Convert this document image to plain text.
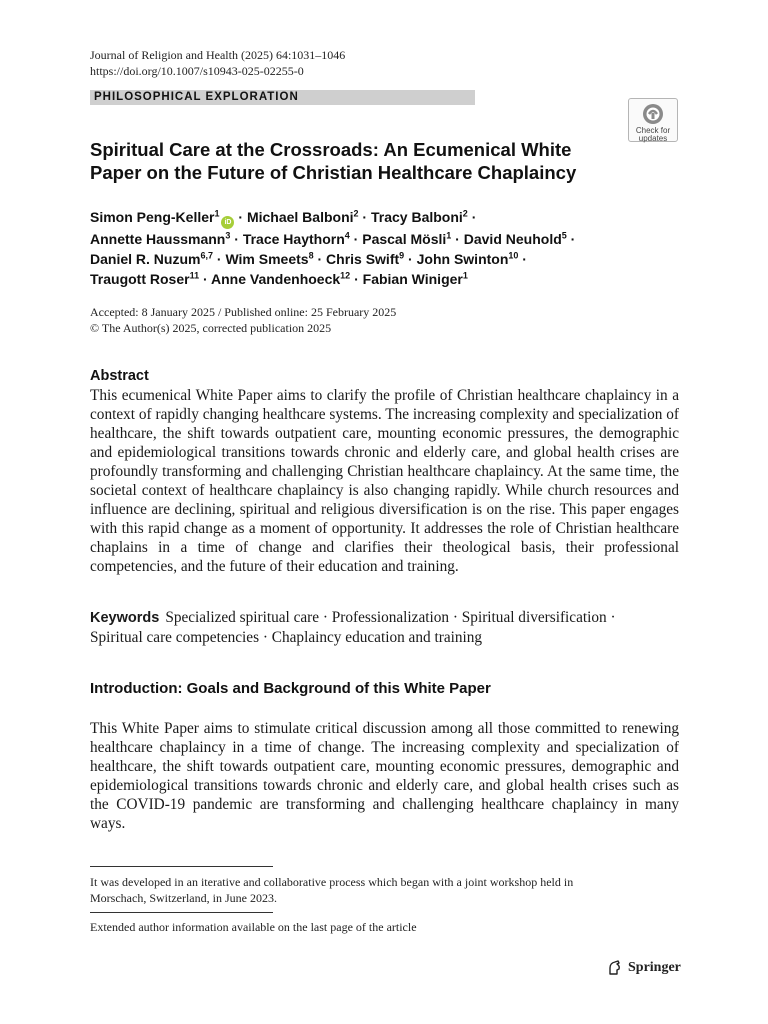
Journal of Religion and Health (2025) 64:1031–1046
https://doi.org/10.1007/s10943-025-02255-0
PHILOSOPHICAL EXPLORATION
Check for
updates
Spiritual Care at the Crossroads: An Ecumenical White
Paper on the Future of Christian Healthcare Chaplaincy
Simon Peng-Keller$^1$iD · Michael Balboni$^2$ · Tracy Balboni$^2$ ·
Annette Haussmann$^3$ · Trace Haythorn$^4$ · Pascal Mösli$^1$ · David Neuhold$^5$ ·
Daniel R. Nuzum$^{6,7}$ · Wim Smeets$^8$ · Chris Swift$^9$ · John Swinton$^{10}$ ·
Traugott Roser$^{11}$ · Anne Vandenhoeck$^{12}$ · Fabian Winiger$^1$
Accepted: 8 January 2025 / Published online: 25 February 2025
© The Author(s) 2025, corrected publication 2025
Abstract
This ecumenical White Paper aims to clarify the profile of Christian healthcare chaplaincy in a context of rapidly changing healthcare systems. The increasing complexity and specialization of healthcare, the shift towards outpatient care, mounting economic pressures, the demographic and epidemiological transitions towards chronic and elderly care, and global health crises are profoundly transforming and challenging Christian healthcare chaplaincy. At the same time, the societal context of healthcare chaplaincy is also changing rapidly. While church resources and influence are declining, spiritual and religious diversification is on the rise. This paper engages with this rapid change as a moment of opportunity. It addresses the role of Christian healthcare chaplains in a time of change and clarifies their theological basis, their professional competencies, and the future of their education and training.
Keywords Specialized spiritual care · Professionalization · Spiritual diversification ·
Spiritual care competencies · Chaplaincy education and training
Introduction: Goals and Background of this White Paper
This White Paper aims to stimulate critical discussion among all those committed to renewing healthcare chaplaincy in a time of change. The increasing complexity and specialization of healthcare, the shift towards outpatient care, mounting economic pressures, demographic and epidemiological transitions towards chronic and elderly care, and global health crises such as the COVID-19 pandemic are transforming and challenging healthcare chaplaincy in many ways.
It was developed in an iterative and collaborative process which began with a joint workshop held in
Morschach, Switzerland, in June 2023.
Extended author information available on the last page of the article
Springer
